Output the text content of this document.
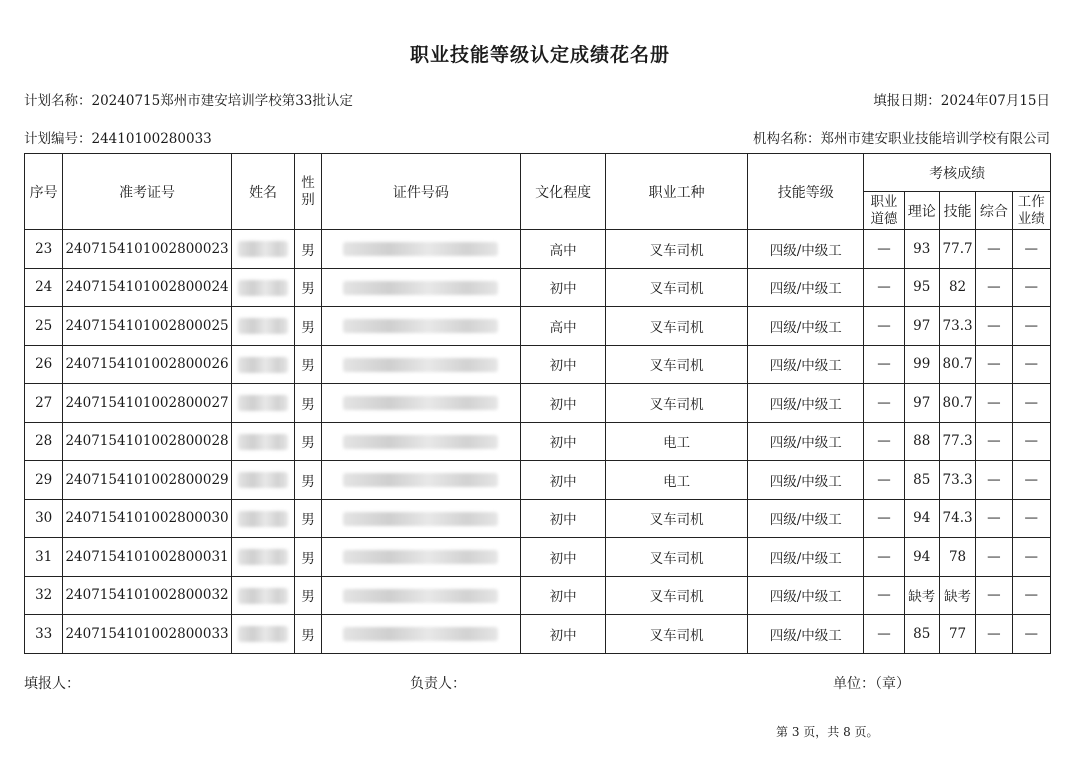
职业技能等级认定成绩花名册
计划名称：20240715郑州市建安培训学校第33批认定	填报日期：2024年07月15日
计划编号：24410100280033	机构名称：郑州市建安职业技能培训学校有限公司
序号	准考证号	姓名	性别	证件号码	文化程度	职业工种	技能等级	考核成绩				
								职业道德	理论	技能	综合	工作业绩
23	2407154101002800023		男		高中	叉车司机	四级/中级工	—	93	77.7	—	—
24	2407154101002800024		男		初中	叉车司机	四级/中级工	—	95	82	—	—
25	2407154101002800025		男		高中	叉车司机	四级/中级工	—	97	73.3	—	—
26	2407154101002800026		男		初中	叉车司机	四级/中级工	—	99	80.7	—	—
27	2407154101002800027		男		初中	叉车司机	四级/中级工	—	97	80.7	—	—
28	2407154101002800028		男		初中	电工	四级/中级工	—	88	77.3	—	—
29	2407154101002800029		男		初中	电工	四级/中级工	—	85	73.3	—	—
30	2407154101002800030		男		初中	叉车司机	四级/中级工	—	94	74.3	—	—
31	2407154101002800031		男		初中	叉车司机	四级/中级工	—	94	78	—	—
32	2407154101002800032		男		初中	叉车司机	四级/中级工	—	缺考	缺考	—	—
33	2407154101002800033		男		初中	叉车司机	四级/中级工	—	85	77	—	—
填报人：	负责人：	单位：（章）
第 3 页，共 8 页。
